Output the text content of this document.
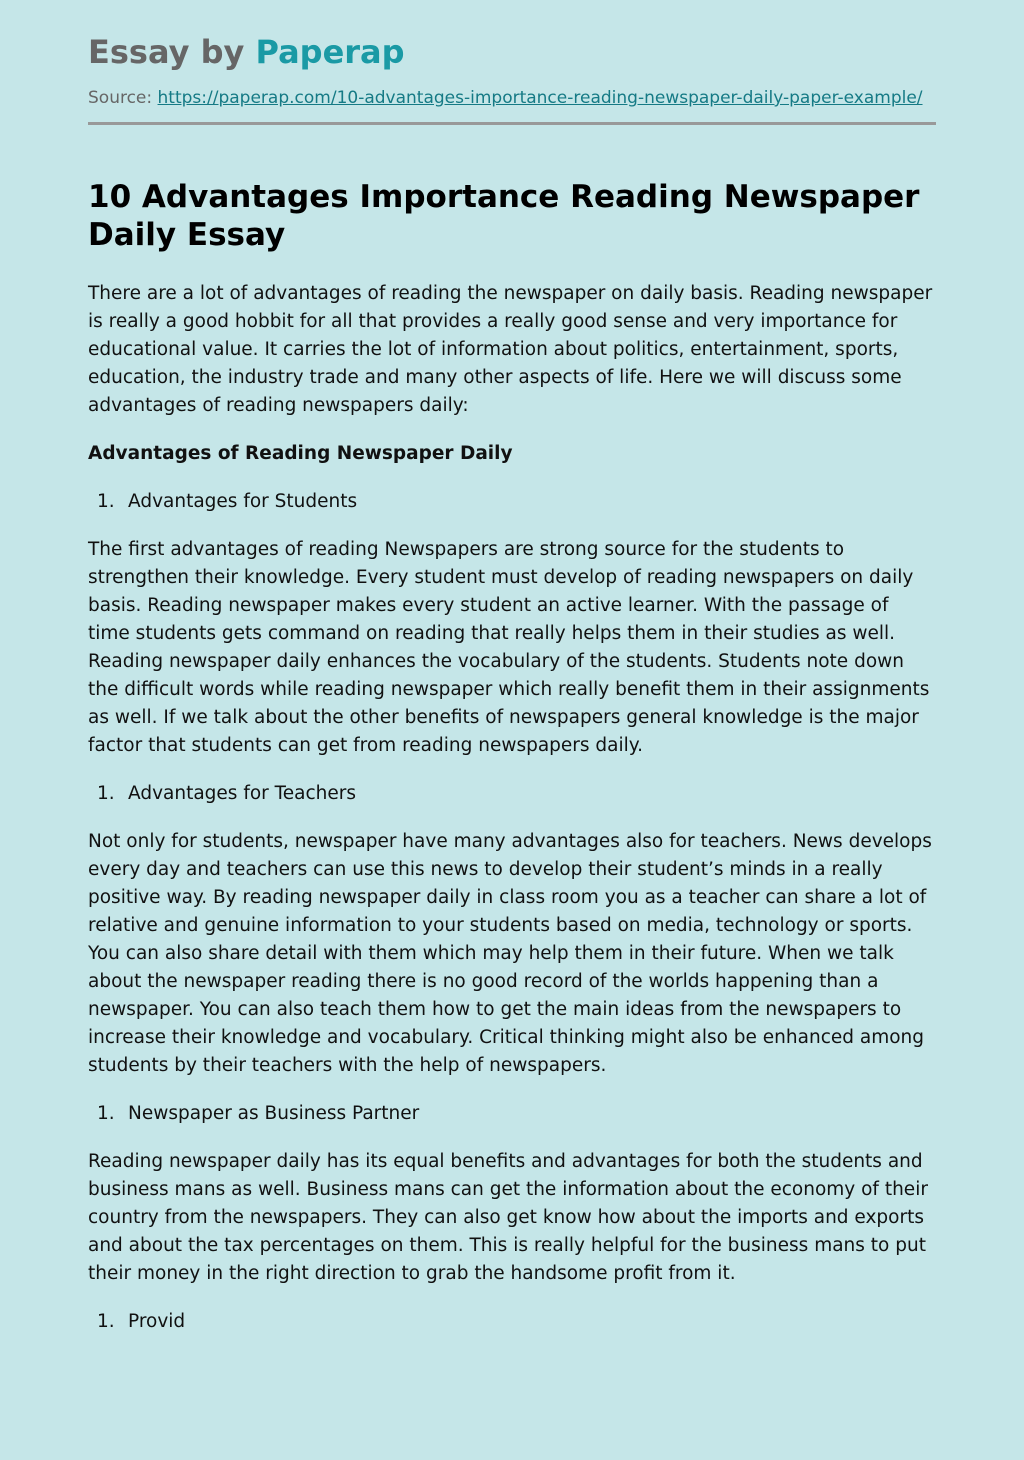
Essay by Paperap
Source: https://paperap.com/10-advantages-importance-reading-newspaper-daily-paper-example/
10 Advantages Importance Reading Newspaper Daily Essay

There are a lot of advantages of reading the newspaper on daily basis. Reading newspaper is really a good hobbit for all that provides a really good sense and very importance for educational value. It carries the lot of information about politics, entertainment, sports, education, the industry trade and many other aspects of life. Here we will discuss some advantages of reading newspapers daily:

Advantages of Reading Newspaper Daily

1. Advantages for Students

The first advantages of reading Newspapers are strong source for the students to strengthen their knowledge. Every student must develop of reading newspapers on daily basis. Reading newspaper makes every student an active learner. With the passage of time students gets command on reading that really helps them in their studies as well. Reading newspaper daily enhances the vocabulary of the students. Students note down the difficult words while reading newspaper which really benefit them in their assignments as well. If we talk about the other benefits of newspapers general knowledge is the major factor that students can get from reading newspapers daily.

1. Advantages for Teachers

Not only for students, newspaper have many advantages also for teachers. News develops every day and teachers can use this news to develop their student’s minds in a really positive way. By reading newspaper daily in class room you as a teacher can share a lot of relative and genuine information to your students based on media, technology or sports. You can also share detail with them which may help them in their future. When we talk about the newspaper reading there is no good record of the worlds happening than a newspaper. You can also teach them how to get the main ideas from the newspapers to increase their knowledge and vocabulary. Critical thinking might also be enhanced among students by their teachers with the help of newspapers.

1. Newspaper as Business Partner

Reading newspaper daily has its equal benefits and advantages for both the students and business mans as well. Business mans can get the information about the economy of their country from the newspapers. They can also get know how about the imports and exports and about the tax percentages on them. This is really helpful for the business mans to put their money in the right direction to grab the handsome profit from it.

1. Provid
